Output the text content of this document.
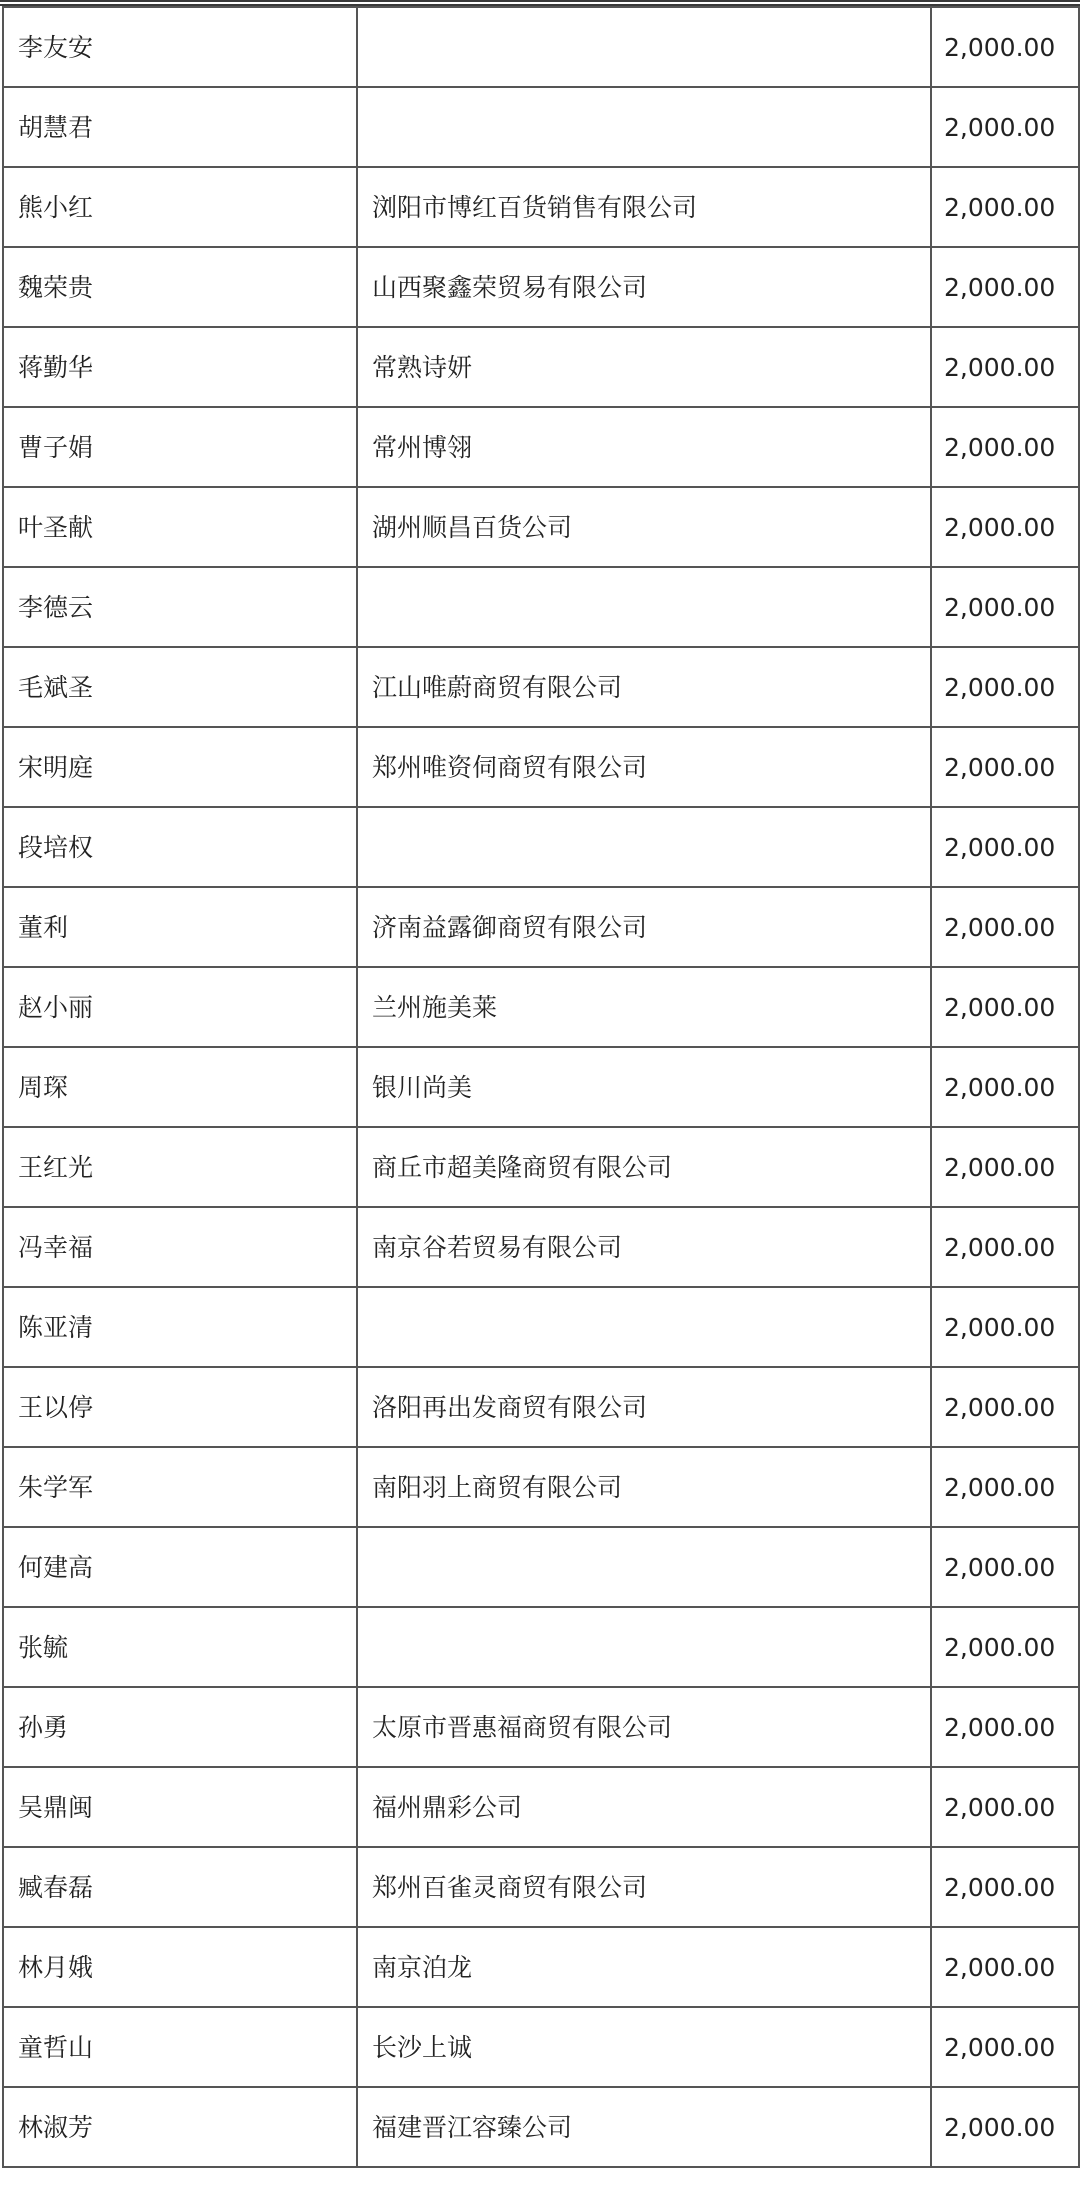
李友安		2,000.00
胡慧君		2,000.00
熊小红	浏阳市博红百货销售有限公司	2,000.00
魏荣贵	山西聚鑫荣贸易有限公司	2,000.00
蒋勤华	常熟诗妍	2,000.00
曹子娟	常州博翎	2,000.00
叶圣献	湖州顺昌百货公司	2,000.00
李德云		2,000.00
毛斌圣	江山唯蔚商贸有限公司	2,000.00
宋明庭	郑州唯资伺商贸有限公司	2,000.00
段培权		2,000.00
董利	济南益露御商贸有限公司	2,000.00
赵小丽	兰州施美莱	2,000.00
周琛	银川尚美	2,000.00
王红光	商丘市超美隆商贸有限公司	2,000.00
冯幸福	南京谷若贸易有限公司	2,000.00
陈亚清		2,000.00
王以停	洛阳再出发商贸有限公司	2,000.00
朱学军	南阳羽上商贸有限公司	2,000.00
何建高		2,000.00
张毓		2,000.00
孙勇	太原市晋惠福商贸有限公司	2,000.00
吴鼎闽	福州鼎彩公司	2,000.00
臧春磊	郑州百雀灵商贸有限公司	2,000.00
林月娥	南京泊龙	2,000.00
童哲山	长沙上诚	2,000.00
林淑芳	福建晋江容臻公司	2,000.00
